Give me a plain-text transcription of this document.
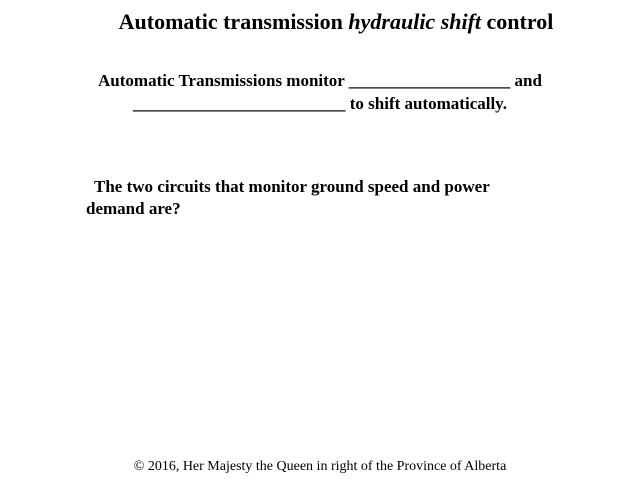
Automatic transmission hydraulic shift control
Automatic Transmissions monitor ___________________ and
_________________________ to shift automatically.
The two circuits that monitor ground speed and power
demand are?
© 2016, Her Majesty the Queen in right of the Province of Alberta
